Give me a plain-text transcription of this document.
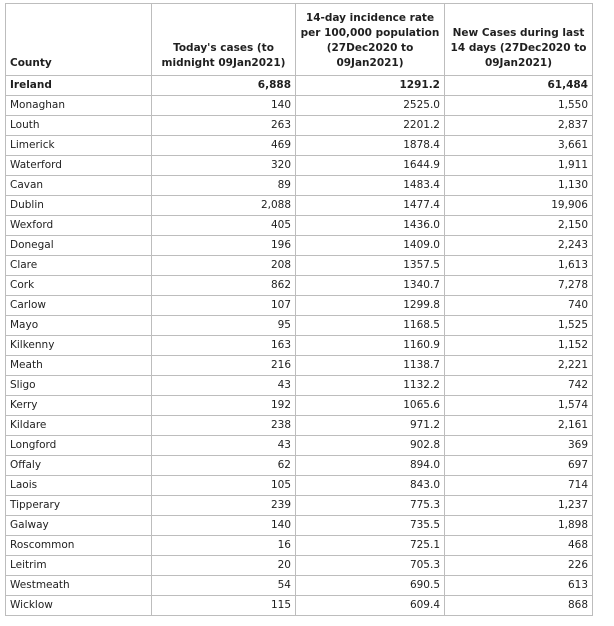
County	Today's cases (to midnight 09Jan2021)	14-day incidence rate per 100,000 population (27Dec2020 to 09Jan2021)	New Cases during last 14 days (27Dec2020 to 09Jan2021)
Ireland	6,888	1291.2	61,484
Monaghan	140	2525.0	1,550
Louth	263	2201.2	2,837
Limerick	469	1878.4	3,661
Waterford	320	1644.9	1,911
Cavan	89	1483.4	1,130
Dublin	2,088	1477.4	19,906
Wexford	405	1436.0	2,150
Donegal	196	1409.0	2,243
Clare	208	1357.5	1,613
Cork	862	1340.7	7,278
Carlow	107	1299.8	740
Mayo	95	1168.5	1,525
Kilkenny	163	1160.9	1,152
Meath	216	1138.7	2,221
Sligo	43	1132.2	742
Kerry	192	1065.6	1,574
Kildare	238	971.2	2,161
Longford	43	902.8	369
Offaly	62	894.0	697
Laois	105	843.0	714
Tipperary	239	775.3	1,237
Galway	140	735.5	1,898
Roscommon	16	725.1	468
Leitrim	20	705.3	226
Westmeath	54	690.5	613
Wicklow	115	609.4	868
